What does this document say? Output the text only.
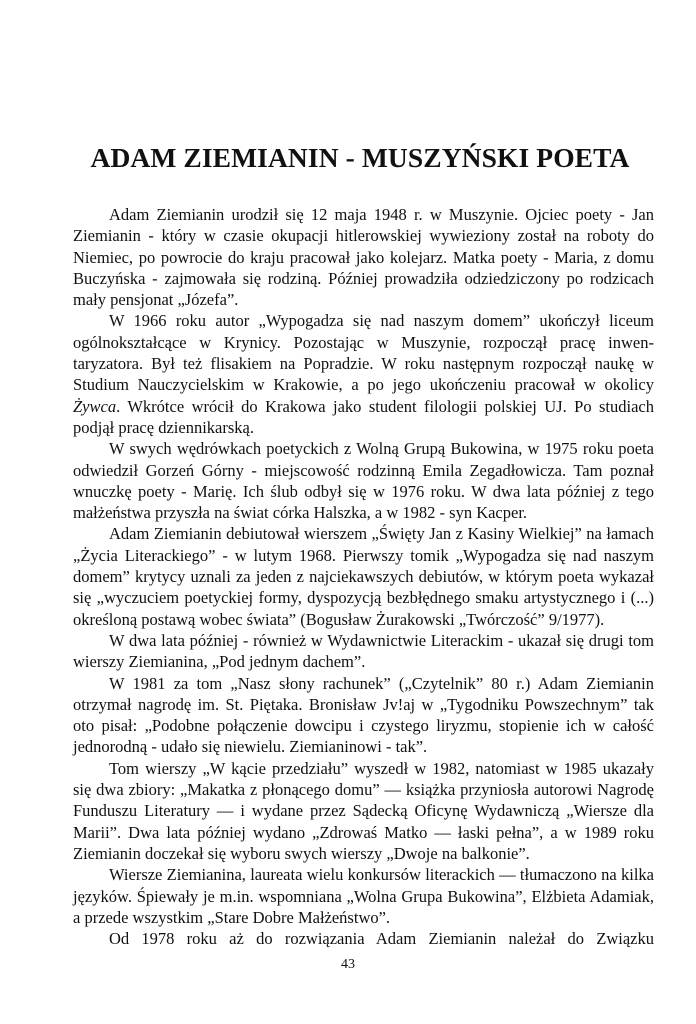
ADAM ZIEMIANIN - MUSZYŃSKI POETA

Adam Ziemianin urodził się 12 maja 1948 r. w Muszynie. Ojciec poety - Jan Ziemianin - który w czasie okupacji hitlerowskiej wywieziony został na roboty do Niemiec, po powrocie do kraju pracował jako kolejarz. Matka poety - Maria, z domu Buczyńska - zajmowała się rodziną. Później prowadziła odziedziczony po rodzicach mały pensjonat „Józefa”.

W 1966 roku autor „Wypogadza się nad naszym domem” ukończył liceum ogólnokształcące w Krynicy. Pozostając w Muszynie, rozpoczął pracę inwen-taryzatora. Był też flisakiem na Popradzie. W roku następnym rozpoczął naukę w Studium Nauczycielskim w Krakowie, a po jego ukończeniu pracował w okolicy Żywca. Wkrótce wrócił do Krakowa jako student filologii polskiej UJ. Po studiach podjął pracę dziennikarską.

W swych wędrówkach poetyckich z Wolną Grupą Bukowina, w 1975 roku poeta odwiedził Gorzeń Górny - miejscowość rodzinną Emila Zegadłowicza. Tam poznał wnuczkę poety - Marię. Ich ślub odbył się w 1976 roku. W dwa lata później z tego małżeństwa przyszła na świat córka Halszka, a w 1982 - syn Kacper.

Adam Ziemianin debiutował wierszem „Święty Jan z Kasiny Wielkiej” na łamach „Życia Literackiego” - w lutym 1968. Pierwszy tomik „Wypogadza się nad naszym domem” krytycy uznali za jeden z najciekawszych debiutów, w którym poeta wykazał się „wyczuciem poetyckiej formy, dyspozycją bezbłędnego smaku artystycznego i (...) określoną postawą wobec świata” (Bogusław Żurakowski „Twórczość” 9/1977).

W dwa lata później - również w Wydawnictwie Literackim - ukazał się drugi tom wierszy Ziemianina, „Pod jednym dachem”.

W 1981 za tom „Nasz słony rachunek” („Czytelnik” 80 r.) Adam Ziemianin otrzymał nagrodę im. St. Piętaka. Bronisław Jv!aj w „Tygodniku Powszechnym” tak oto pisał: „Podobne połączenie dowcipu i czystego liryzmu, stopienie ich w całość jednorodną - udało się niewielu. Ziemianinowi - tak”.

Tom wierszy „W kącie przedziału” wyszedł w 1982, natomiast w 1985 ukazały się dwa zbiory: „Makatka z płonącego domu” — książka przyniosła autorowi Nagrodę Funduszu Literatury — i wydane przez Sądecką Oficynę Wydawniczą „Wiersze dla Marii”. Dwa lata później wydano „Zdrowaś Matko — łaski pełna”, a w 1989 roku Ziemianin doczekał się wyboru swych wierszy „Dwoje na balkonie”.

Wiersze Ziemianina, laureata wielu konkursów literackich — tłumaczono na kilka języków. Śpiewały je m.in. wspomniana „Wolna Grupa Bukowina”, Elżbieta Adamiak, a przede wszystkim „Stare Dobre Małżeństwo”.

Od 1978 roku aż do rozwiązania Adam Ziemianin należał do Związku

43
